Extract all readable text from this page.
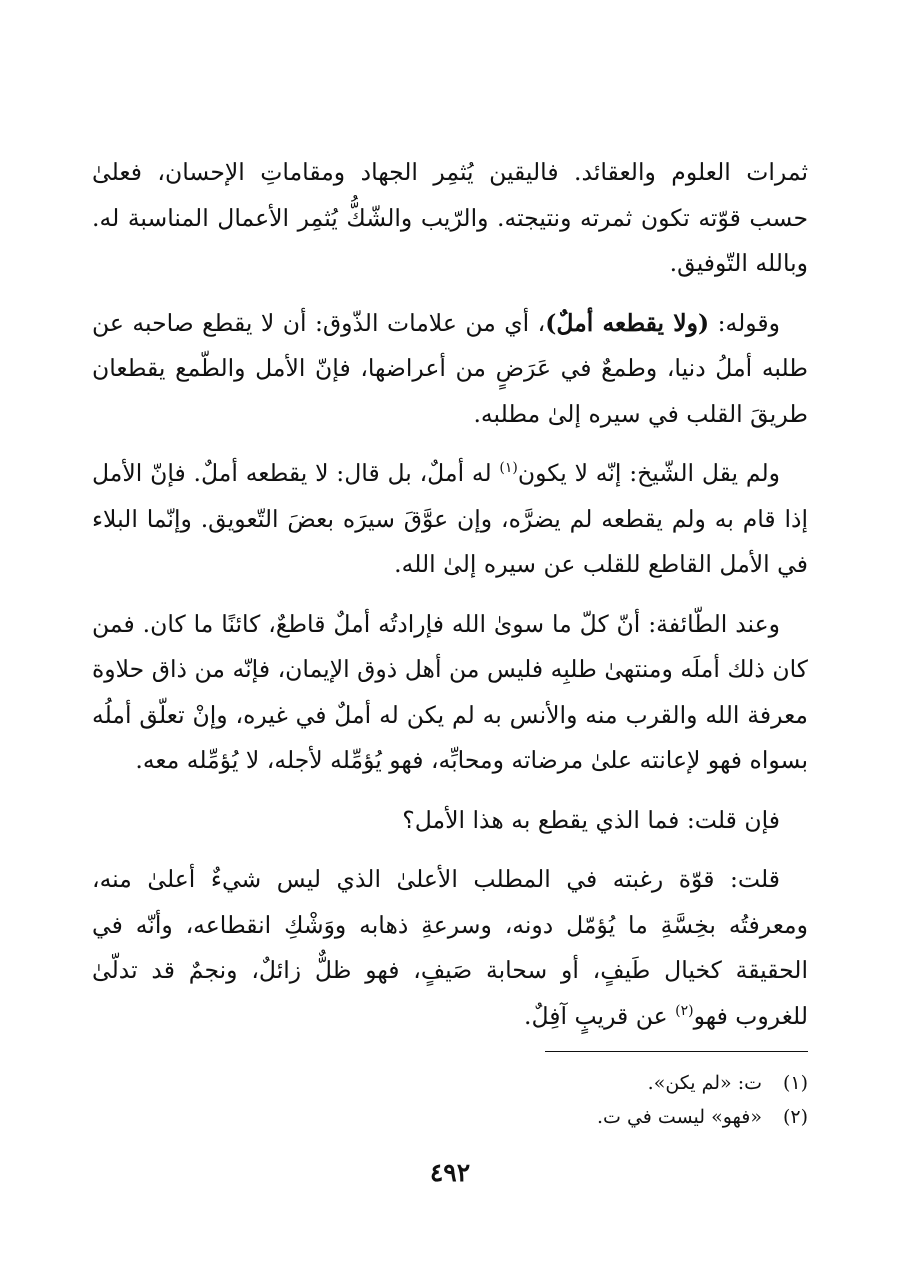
ثمرات العلوم والعقائد. فاليقين يُثمِر الجهاد ومقاماتِ الإحسان، فعلىٰ حسب قوّته تكون ثمرته ونتيجته. والرّيب والشّكُّ يُثمِر الأعمال المناسبة له. وبالله التّوفيق.

وقوله: (ولا يقطعه أملٌ)، أي من علامات الذّوق: أن لا يقطع صاحبه عن طلبه أملُ دنيا، وطمعٌ في عَرَضٍ من أعراضها، فإنّ الأمل والطّمع يقطعان طريقَ القلب في سيره إلىٰ مطلبه.

ولم يقل الشّيخ: إنّه لا يكون$^{(١)}$ له أملٌ، بل قال: لا يقطعه أملٌ. فإنّ الأمل إذا قام به ولم يقطعه لم يضرَّه، وإن عوَّقَ سيرَه بعضَ التّعويق. وإنّما البلاء في الأمل القاطع للقلب عن سيره إلىٰ الله.

وعند الطّائفة: أنّ كلّ ما سوىٰ الله فإرادتُه أملٌ قاطعٌ، كائنًا ما كان. فمن كان ذلك أملَه ومنتهىٰ طلبِه فليس من أهل ذوق الإيمان، فإنّه من ذاق حلاوة معرفة الله والقرب منه والأنس به لم يكن له أملٌ في غيره، وإنْ تعلّق أملُه بسواه فهو لإعانته علىٰ مرضاته ومحابِّه، فهو يُؤمِّله لأجله، لا يُؤمِّله معه.

فإن قلت: فما الذي يقطع به هذا الأمل؟

قلت: قوّة رغبته في المطلب الأعلىٰ الذي ليس شيءٌ أعلىٰ منه، ومعرفتُه بخِسَّةِ ما يُؤمّل دونه، وسرعةِ ذهابه ووَشْكِ انقطاعه، وأنّه في الحقيقة كخيال طَيفٍ، أو سحابة صَيفٍ، فهو ظلٌّ زائلٌ، ونجمٌ قد تدلّىٰ للغروب فهو$^{(٢)}$ عن قريبٍ آفِلٌ.

(١)ت: «لم يكن».

(٢)«فهو» ليست في ت.

٤٩٢
